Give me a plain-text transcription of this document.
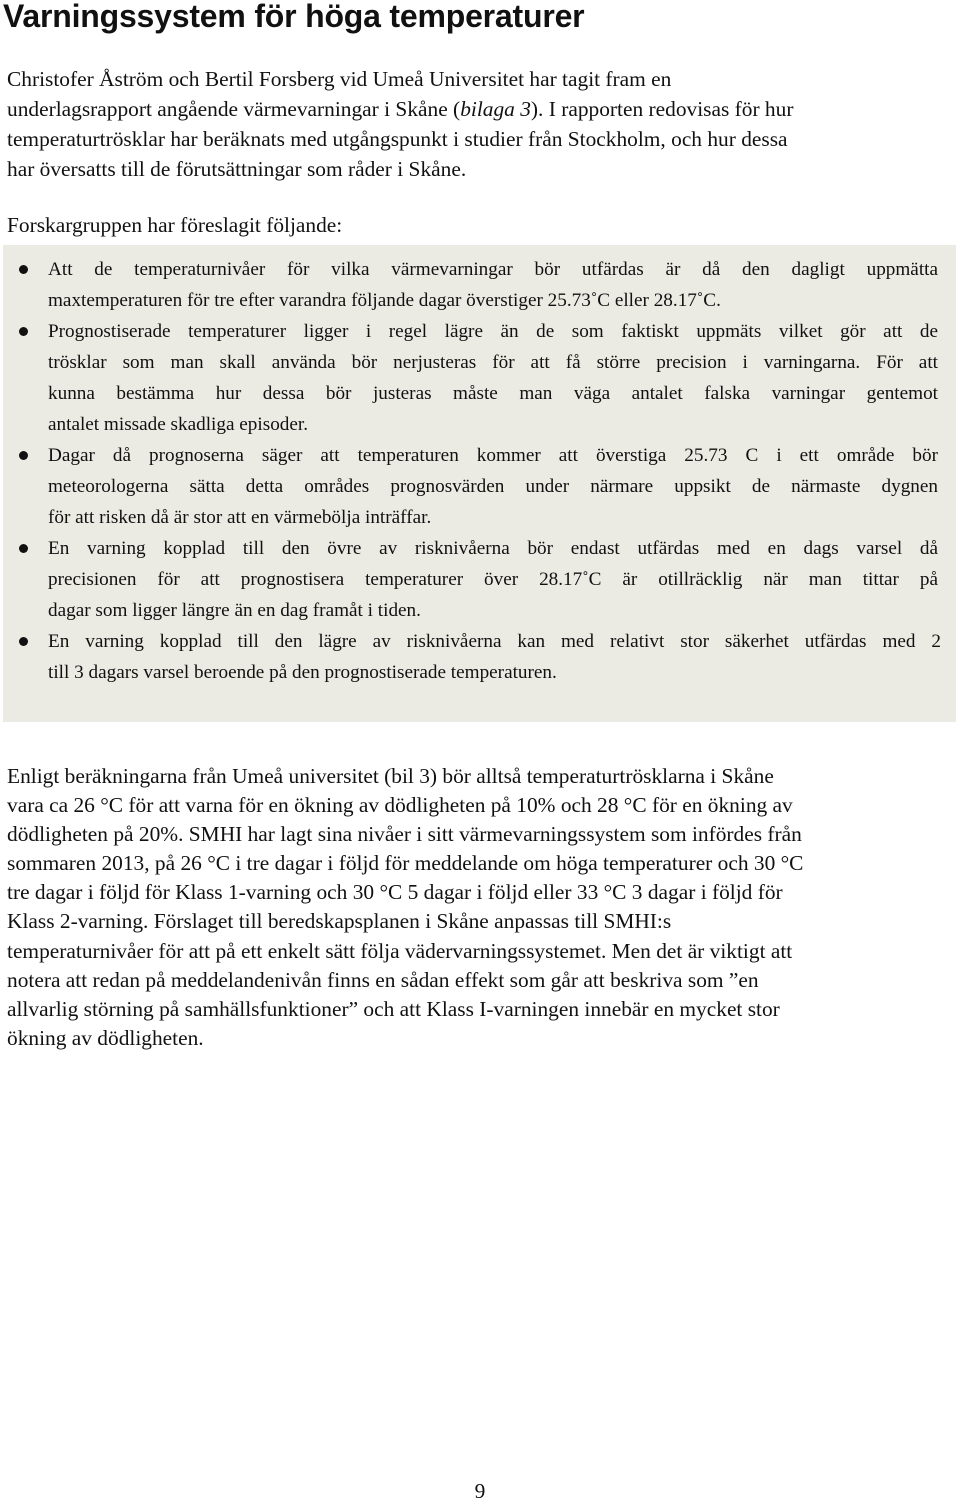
Varningssystem för höga temperaturer

Christofer Åström och Bertil Forsberg vid Umeå Universitet har tagit fram en
underlagsrapport angående värmevarningar i Skåne (bilaga 3). I rapporten redovisas för hur
temperaturtrösklar har beräknats med utgångspunkt i studier från Stockholm, och hur dessa
har översatts till de förutsättningar som råder i Skåne.

Forskargruppen har föreslagit följande:

Att de temperaturnivåer för vilka värmevarningar bör utfärdas är då den dagligt uppmätta
maxtemperaturen för tre efter varandra följande dagar överstiger 25.73˚C eller 28.17˚C.
Prognostiserade temperaturer ligger i regel lägre än de som faktiskt uppmäts vilket gör att de
trösklar som man skall använda bör nerjusteras för att få större precision i varningarna. För att
kunna bestämma hur dessa bör justeras måste man väga antalet falska varningar gentemot
antalet missade skadliga episoder.
Dagar då prognoserna säger att temperaturen kommer att överstiga 25.73 C i ett område bör
meteorologerna sätta detta områdes prognosvärden under närmare uppsikt de närmaste dygnen
för att risken då är stor att en värmebölja inträffar.
En varning kopplad till den övre av risknivåerna bör endast utfärdas med en dags varsel då
precisionen för att prognostisera temperaturer över 28.17˚C är otillräcklig när man tittar på
dagar som ligger längre än en dag framåt i tiden.
En varning kopplad till den lägre av risknivåerna kan med relativt stor säkerhet utfärdas med 2
till 3 dagars varsel beroende på den prognostiserade temperaturen.

Enligt beräkningarna från Umeå universitet (bil 3) bör alltså temperaturtrösklarna i Skåne
vara ca 26 °C för att varna för en ökning av dödligheten på 10% och 28 °C för en ökning av
dödligheten på 20%. SMHI har lagt sina nivåer i sitt värmevarningssystem som infördes från
sommaren 2013, på 26 °C i tre dagar i följd för meddelande om höga temperaturer och 30 °C
tre dagar i följd för Klass 1-varning och 30 °C 5 dagar i följd eller 33 °C 3 dagar i följd för
Klass 2-varning. Förslaget till beredskapsplanen i Skåne anpassas till SMHI:s
temperaturnivåer för att på ett enkelt sätt följa vädervarningssystemet. Men det är viktigt att
notera att redan på meddelandenivån finns en sådan effekt som går att beskriva som ”en
allvarlig störning på samhällsfunktioner” och att Klass I-varningen innebär en mycket stor
ökning av dödligheten.

9
